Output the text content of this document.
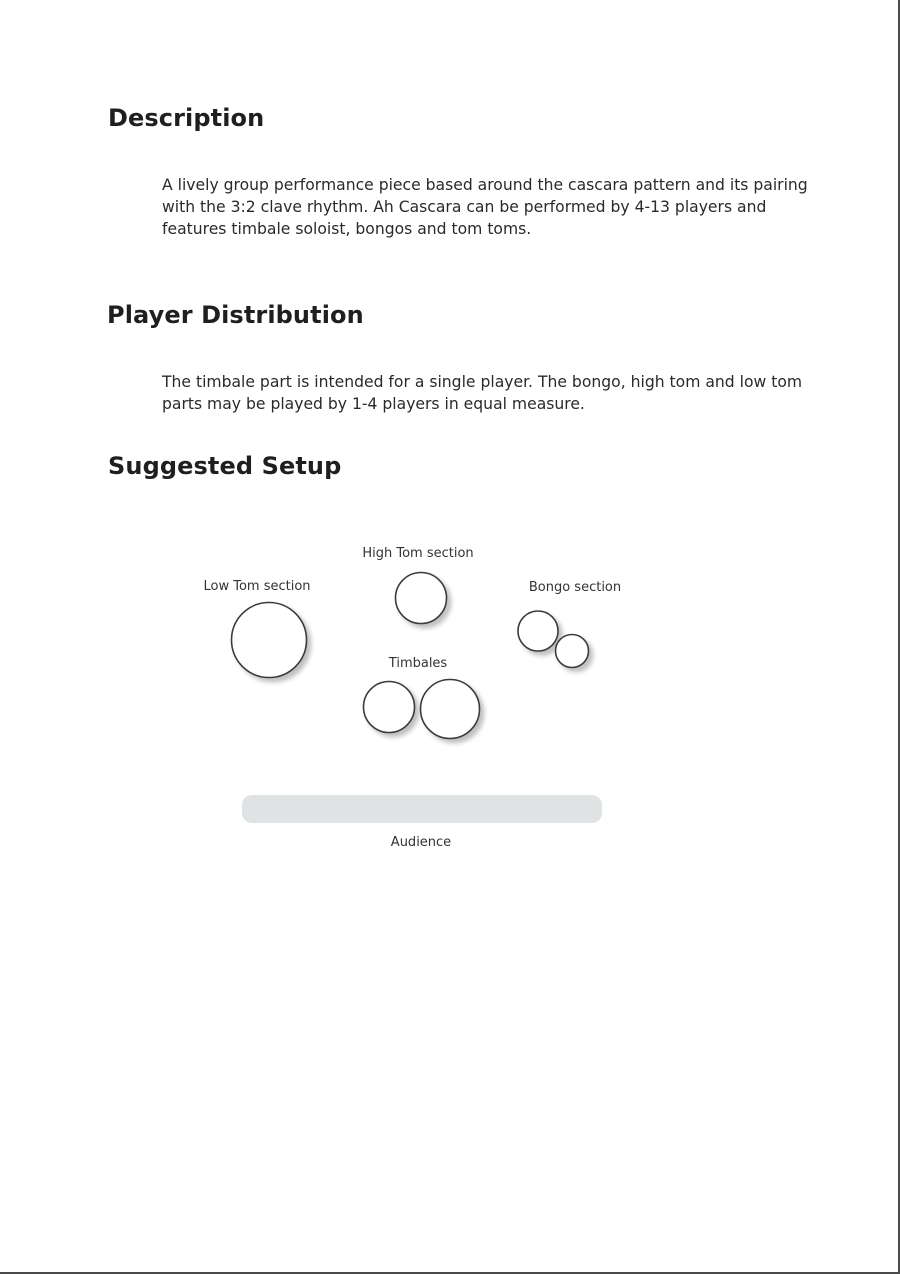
Description

A lively group performance piece based around the cascara pattern and its pairing with the 3:2 clave rhythm. Ah Cascara can be performed by 4-13 players and features timbale soloist, bongos and tom toms.

Player Distribution

The timbale part is intended for a single player. The bongo, high tom and low tom parts may be played by 1-4 players in equal measure.

Suggested Setup
Low Tom section
High Tom section
Bongo section
Timbales
Audience
